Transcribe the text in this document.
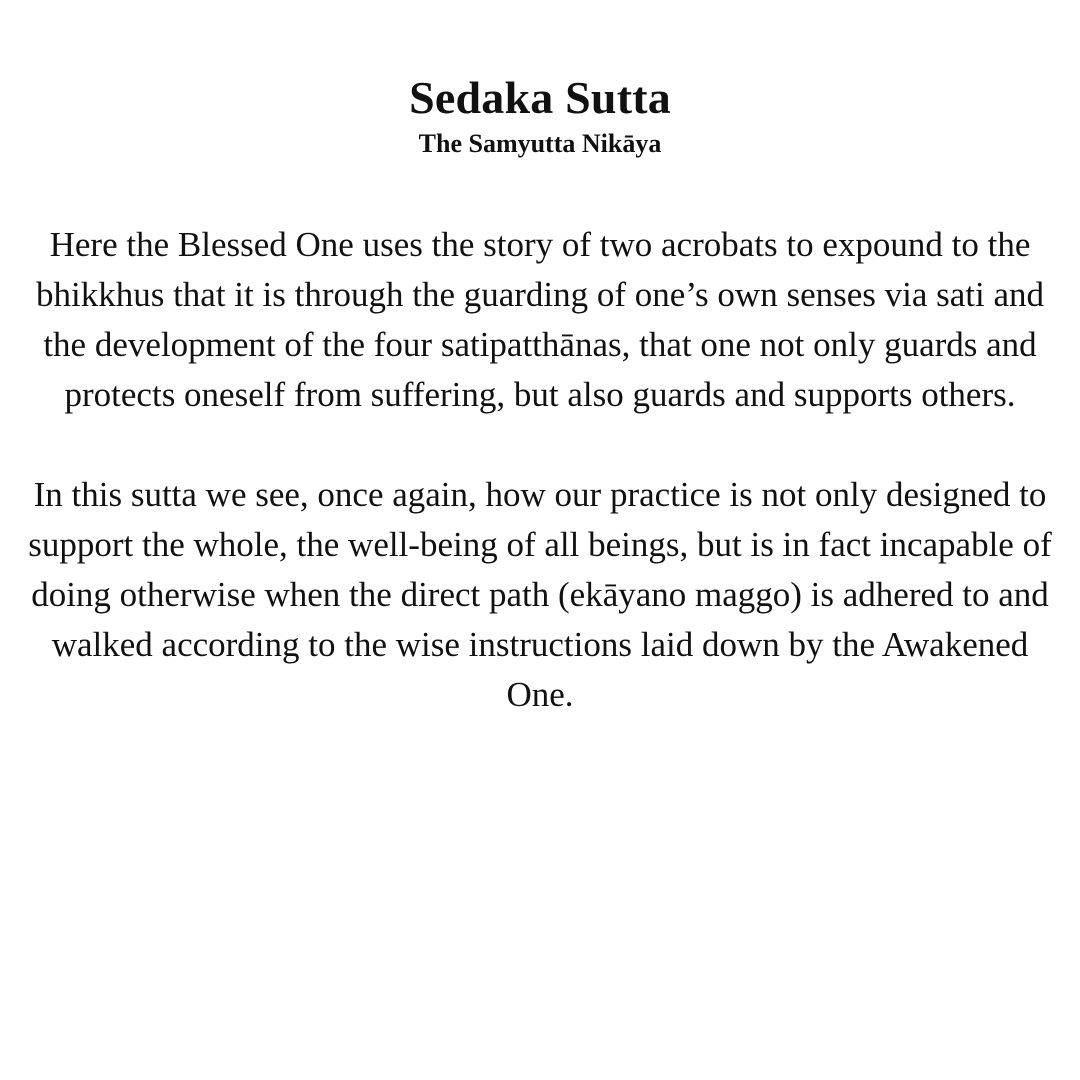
Sedaka Sutta
The Samyutta Nikāya

Here the Blessed One uses the story of two acrobats to expound to the bhikkhus that it is through the guarding of one’s own senses via sati and the development of the four satipatthānas, that one not only guards and protects oneself from suffering, but also guards and supports others.

In this sutta we see, once again, how our practice is not only designed to support the whole, the well-being of all beings, but is in fact incapable of doing otherwise when the direct path (ekāyano maggo) is adhered to and walked according to the wise instructions laid down by the Awakened One.
